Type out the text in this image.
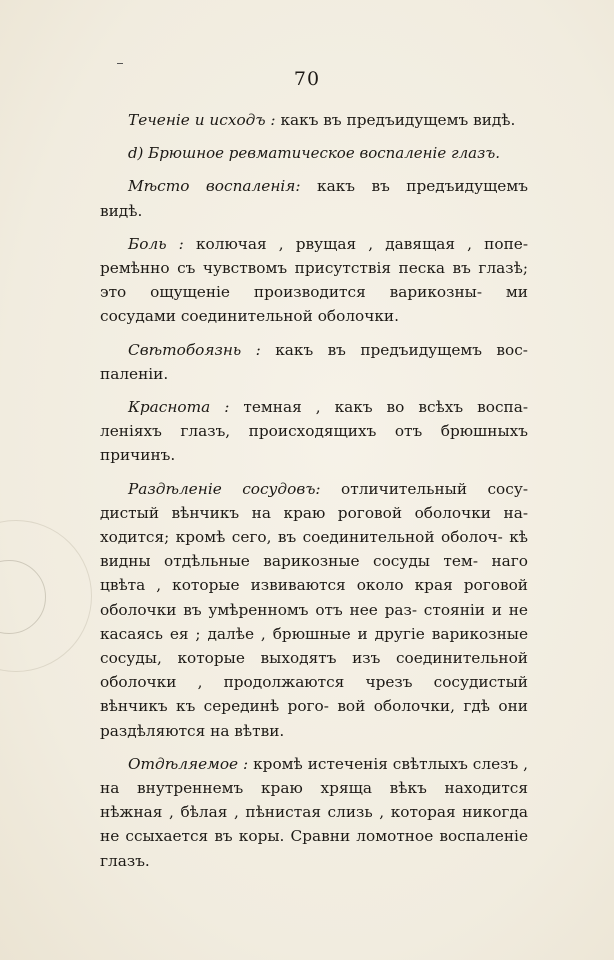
70

Теченіе и исходъ : какъ въ предъидущемъ видѣ.

d) Брюшное ревматическое воспаленіе глазъ.

Мѣсто воспаленія: какъ въ предъидущемъ видѣ.

Боль : колючая , рвущая , давящая , попе- ремѣнно съ чувствомъ присутствія песка въ глазѣ; это ощущеніе производится варикозны- ми сосудами соединительной оболочки.

Свѣтобоязнь : какъ въ предъидущемъ вос- паленіи.

Краснота : темная , какъ во всѣхъ воспа- леніяхъ глазъ, происходящихъ отъ брюшныхъ причинъ.

Раздѣленіе сосудовъ: отличительный сосу- дистый вѣнчикъ на краю роговой оболочки на- ходится; кромѣ сего, въ соединительной оболоч- кѣ видны отдѣльные варикозные сосуды тем- наго цвѣта , которые извиваются около края роговой оболочки въ умѣренномъ отъ нее раз- стояніи и не касаясь ея ; далѣе , брюшные и другіе варикозные сосуды, которые выходятъ изъ соединительной оболочки , продолжаются чрезъ сосудистый вѣнчикъ къ серединѣ рого- вой оболочки, гдѣ они раздѣляются на вѣтви.

Отдѣляемое : кромѣ истеченія свѣтлыхъ слезъ , на внутреннемъ краю хряща вѣкъ находится нѣжная , бѣлая , пѣнистая слизь , которая никогда не ссыхается въ коры. Сравни ломотное воспаленіе глазъ.
